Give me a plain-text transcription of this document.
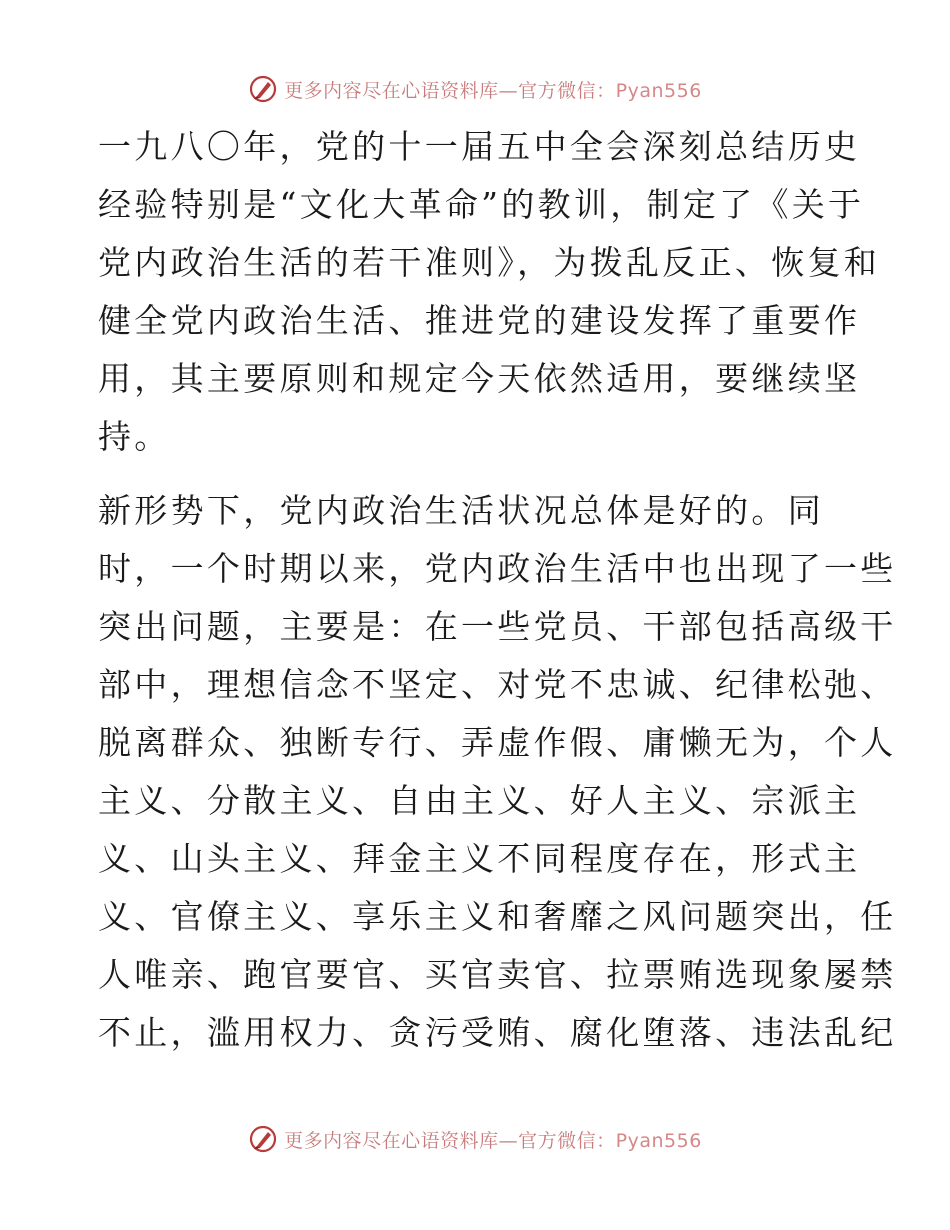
更多内容尽在心语资料库—官方微信：Pyan556
一九八〇年，党的十一届五中全会深刻总结历史
经验特别是“文化大革命”的教训，制定了《关于
党内政治生活的若干准则》，为拨乱反正、恢复和
健全党内政治生活、推进党的建设发挥了重要作
用，其主要原则和规定今天依然适用，要继续坚
持。
新形势下，党内政治生活状况总体是好的。同
时，一个时期以来，党内政治生活中也出现了一些
突出问题，主要是：在一些党员、干部包括高级干
部中，理想信念不坚定、对党不忠诚、纪律松弛、
脱离群众、独断专行、弄虚作假、庸懒无为，个人
主义、分散主义、自由主义、好人主义、宗派主
义、山头主义、拜金主义不同程度存在，形式主
义、官僚主义、享乐主义和奢靡之风问题突出，任
人唯亲、跑官要官、买官卖官、拉票贿选现象屡禁
不止，滥用权力、贪污受贿、腐化堕落、违法乱纪
更多内容尽在心语资料库—官方微信：Pyan556
